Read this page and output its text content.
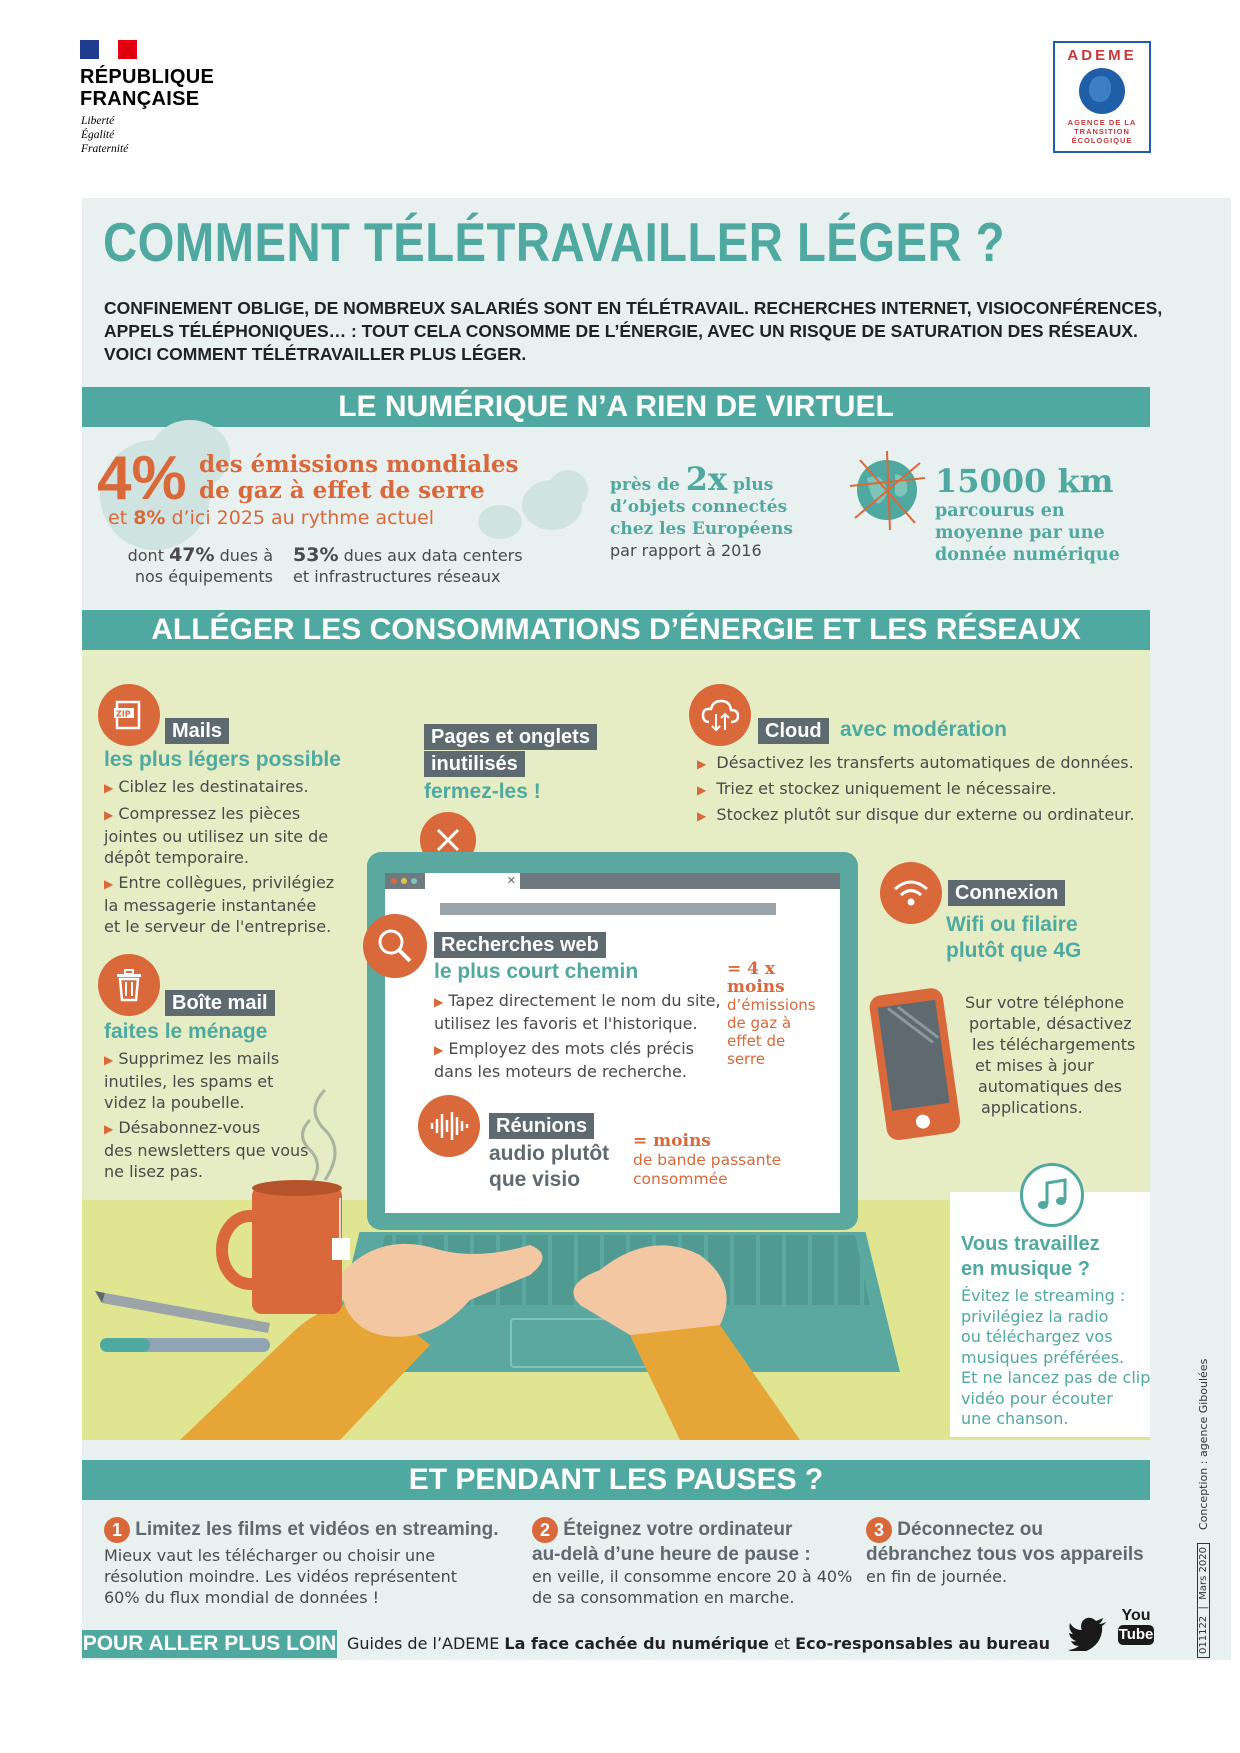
RÉPUBLIQUE
FRANÇAISE
Liberté
Égalité
Fraternité
ADEME
AGENCE DE LA
TRANSITION
ÉCOLOGIQUE
COMMENT TÉLÉTRAVAILLER LÉGER ?
CONFINEMENT OBLIGE, DE NOMBREUX SALARIÉS SONT EN TÉLÉTRAVAIL. RECHERCHES INTERNET, VISIOCONFÉRENCES, APPELS TÉLÉPHONIQUES… : TOUT CELA CONSOMME DE L’ÉNERGIE, AVEC UN RISQUE DE SATURATION DES RÉSEAUX. VOICI COMMENT TÉLÉTRAVAILLER PLUS LÉGER.
LE NUMÉRIQUE N’A RIEN DE VIRTUEL
4% des émissions mondiales
de gaz à effet de serre
et 8% d’ici 2025 au rythme actuel
dont 47% dues à
nos équipements
53% dues aux data centers
et infrastructures réseaux
près de 2x plus
d’objets connectés
chez les Européens
par rapport à 2016
15000 km
parcourus en
moyenne par une
donnée numérique
ALLÉGER LES CONSOMMATIONS D’ÉNERGIE ET LES RÉSEAUX
ZIP
Mails
les plus légers possible
▶ Ciblez les destinataires.
▶ Compressez les pièces
jointes ou utilisez un site de
dépôt temporaire.
▶ Entre collègues, privilégiez
la messagerie instantanée
et le serveur de l'entreprise.
Pages et onglets
inutilisés
fermez-les !
Cloud avec modération
▶ Désactivez les transferts automatiques de données.
▶ Triez et stockez uniquement le nécessaire.
▶ Stockez plutôt sur disque dur externe ou ordinateur.
Connexion
Wifi ou filaire
plutôt que 4G
Sur votre téléphone
portable, désactivez
les téléchargements
et mises à jour
automatiques des
applications.
✕
Recherches web
le plus court chemin
▶ Tapez directement le nom du site,
utilisez les favoris et l'historique.
▶ Employez des mots clés précis
dans les moteurs de recherche.
= 4 x
moins
d’émissions
de gaz à
effet de
serre
Réunions
audio plutôt
que visio
= moins
de bande passante
consommée
Boîte mail
faites le ménage
▶ Supprimez les mails
inutiles, les spams et
videz la poubelle.
▶ Désabonnez-vous
des newsletters que vous
ne lisez pas.
Vous travaillez
en musique ?
Évitez le streaming :
privilégiez la radio
ou téléchargez vos
musiques préférées.
Et ne lancez pas de clip
vidéo pour écouter
une chanson.
ET PENDANT LES PAUSES ?
1 Limitez les films et vidéos en streaming.
Mieux vaut les télécharger ou choisir une
résolution moindre. Les vidéos représentent
60% du flux mondial de données !
2 Éteignez votre ordinateur
au-delà d’une heure de pause :
en veille, il consomme encore 20 à 40%
de sa consommation en marche.
3 Déconnectez ou
débranchez tous vos appareils
en fin de journée.
POUR ALLER PLUS LOIN Guides de l’ADEME La face cachée du numérique et Eco-responsables au bureau
You
Tube
Conception : agence Giboulées
011122  |  Mars 2020
